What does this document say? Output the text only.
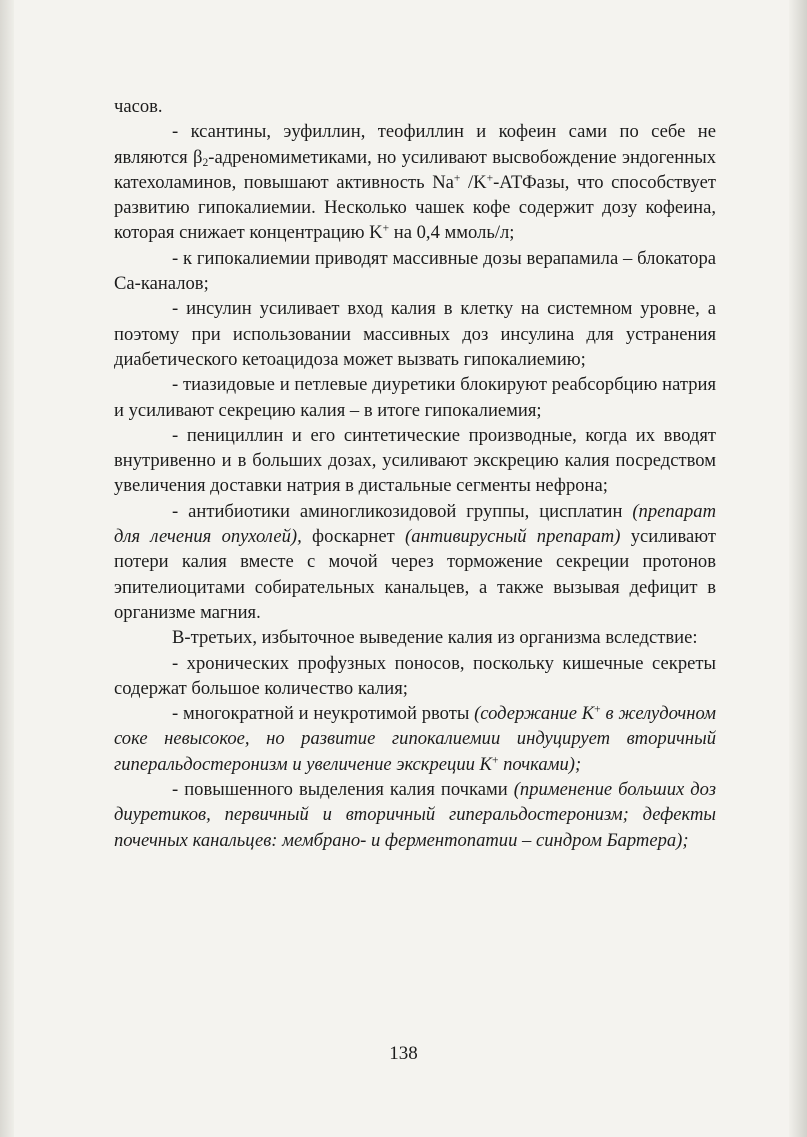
часов.

- ксантины, эуфиллин, теофиллин и кофеин сами по себе не являются $\beta_2$-адреномиметиками, но усиливают высвобождение эндогенных катехоламинов, повышают активность Na+ /K+-АТФазы, что способствует развитию гипокалиемии. Несколько чашек кофе содержит дозу кофеина, которая снижает концентрацию K+ на 0,4 ммоль/л;

- к гипокалиемии приводят массивные дозы верапамила – блокатора Са-каналов;

- инсулин усиливает вход калия в клетку на системном уровне, а поэтому при использовании массивных доз инсулина для устранения диабетического кетоацидоза может вызвать гипокалиемию;

- тиазидовые и петлевые диуретики блокируют реабсорбцию натрия и усиливают секрецию калия – в итоге гипокалиемия;

- пенициллин и его синтетические производные, когда их вводят внутривенно и в больших дозах, усиливают экскрецию калия посредством увеличения доставки натрия в дистальные сегменты нефрона;

- антибиотики аминогликозидовой группы, цисплатин (препарат для лечения опухолей), фоскарнет (антивирусный препарат) усиливают потери калия вместе с мочой через торможение секреции протонов эпителиоцитами собирательных канальцев, а также вызывая дефицит в организме магния.

В-третьих, избыточное выведение калия из организма вследствие:

- хронических профузных поносов, поскольку кишечные секреты содержат большое количество калия;

- многократной и неукротимой рвоты (содержание K+ в желудочном соке невысокое, но развитие гипокалиемии индуцирует вторичный гиперальдостеронизм и увеличение экскреции K+ почками);

- повышенного выделения калия почками (применение больших доз диуретиков, первичный и вторичный гиперальдостеронизм; дефекты почечных канальцев: мембрано- и ферментопатии – синдром Бартера);

138
